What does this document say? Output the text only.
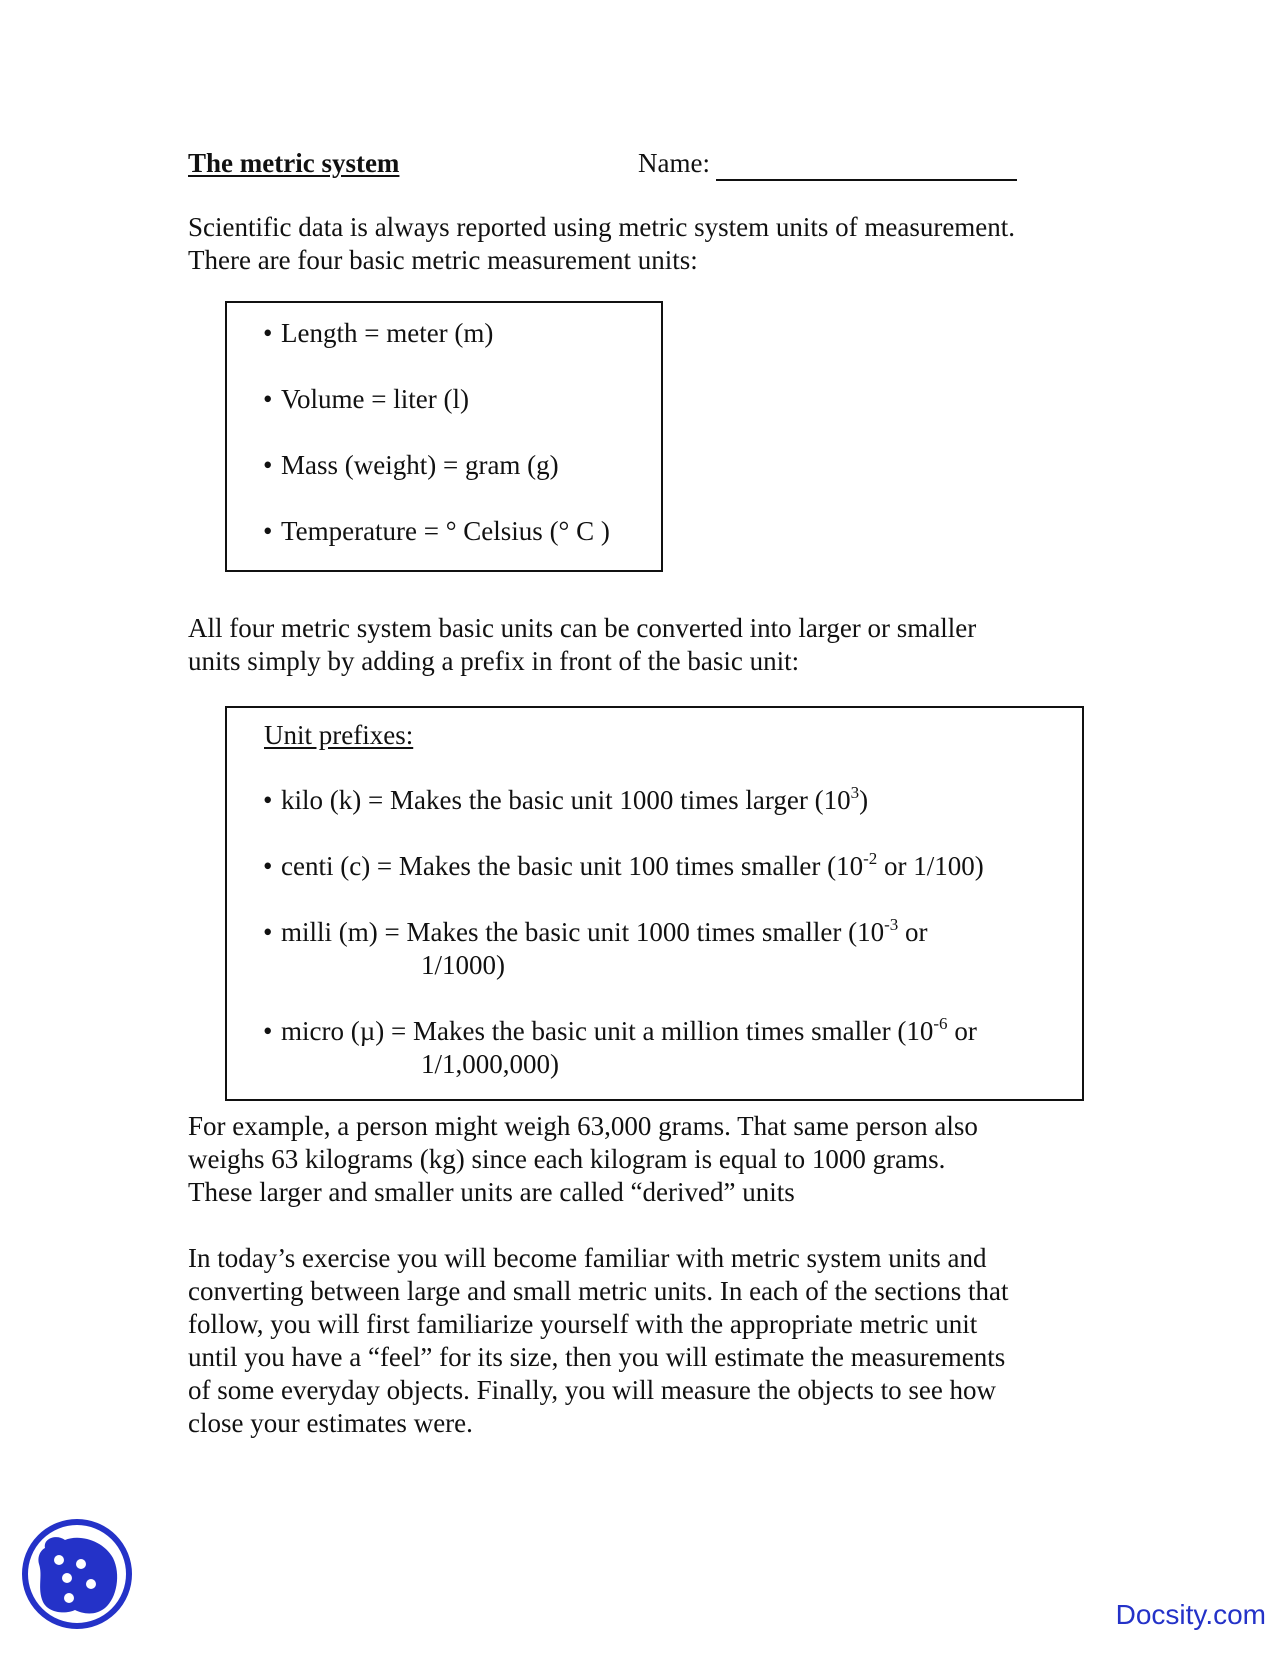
The metric system	Name:

Scientific data is always reported using metric system units of measurement.
There are four basic metric measurement units:

• Length = meter (m)
• Volume = liter (l)
• Mass (weight) = gram (g)
• Temperature = ° Celsius (° C )

All four metric system basic units can be converted into larger or smaller
units simply by adding a prefix in front of the basic unit:

Unit prefixes:
• kilo (k) = Makes the basic unit 1000 times larger $(10^3)$
• centi (c) = Makes the basic unit 100 times smaller ($10^{-2}$ or 1/100)
• milli (m) = Makes the basic unit 1000 times smaller ($10^{-3}$ or
1/1000)
• micro (µ) = Makes the basic unit a million times smaller ($10^{-6}$ or
1/1,000,000)

For example, a person might weigh 63,000 grams. That same person also
weighs 63 kilograms (kg) since each kilogram is equal to 1000 grams.
These larger and smaller units are called “derived” units

In today’s exercise you will become familiar with metric system units and
converting between large and small metric units. In each of the sections that
follow, you will first familiarize yourself with the appropriate metric unit
until you have a “feel” for its size, then you will estimate the measurements
of some everyday objects. Finally, you will measure the objects to see how
close your estimates were.

Docsity.com
